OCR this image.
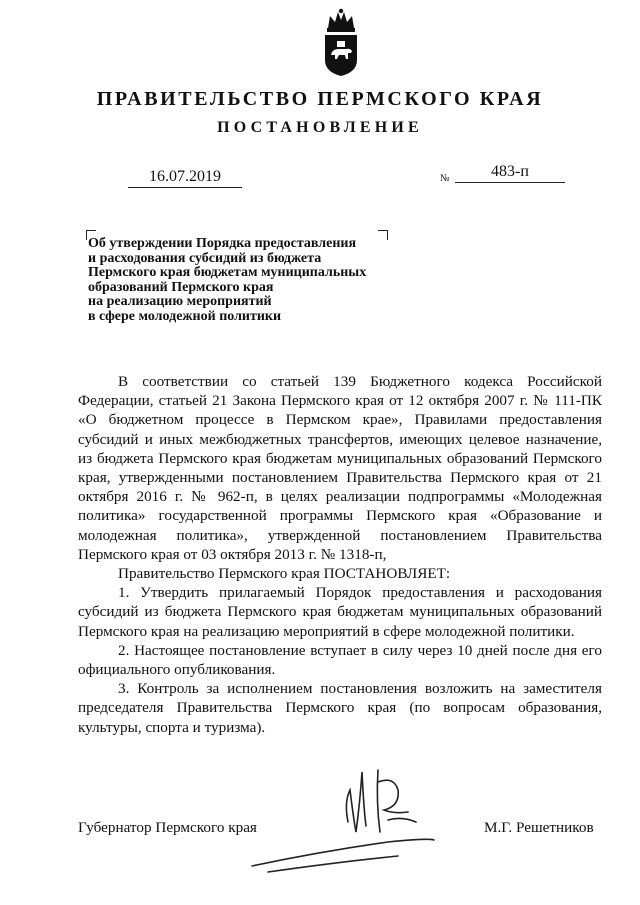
ПРАВИТЕЛЬСТВО ПЕРМСКОГО КРАЯ
ПОСТАНОВЛЕНИЕ
16.07.2019	№	483-п
Об утверждении Порядка предоставления
и расходования субсидий из бюджета
Пермского края бюджетам муниципальных
образований Пермского края
на реализацию мероприятий
в сфере молодежной политики

В соответствии со статьей 139 Бюджетного кодекса Российской Федерации, статьей 21 Закона Пермского края от 12 октября 2007 г. № 111-ПК «О бюджетном процессе в Пермском крае», Правилами предоставления субсидий и иных межбюджетных трансфертов, имеющих целевое назначение, из бюджета Пермского края бюджетам муниципальных образований Пермского края, утвержденными постановлением Правительства Пермского края от 21 октября 2016 г. № 962-п, в целях реализации подпрограммы «Молодежная политика» государственной программы Пермского края «Образование и молодежная политика», утвержденной постановлением Правительства Пермского края от 03 октября 2013 г. № 1318-п,

Правительство Пермского края ПОСТАНОВЛЯЕТ:

1. Утвердить прилагаемый Порядок предоставления и расходования субсидий из бюджета Пермского края бюджетам муниципальных образований Пермского края на реализацию мероприятий в сфере молодежной политики.

2. Настоящее постановление вступает в силу через 10 дней после дня его официального опубликования.

3. Контроль за исполнением постановления возложить на заместителя председателя Правительства Пермского края (по вопросам образования, культуры, спорта и туризма).

Губернатор Пермского края	М.Г. Решетников
